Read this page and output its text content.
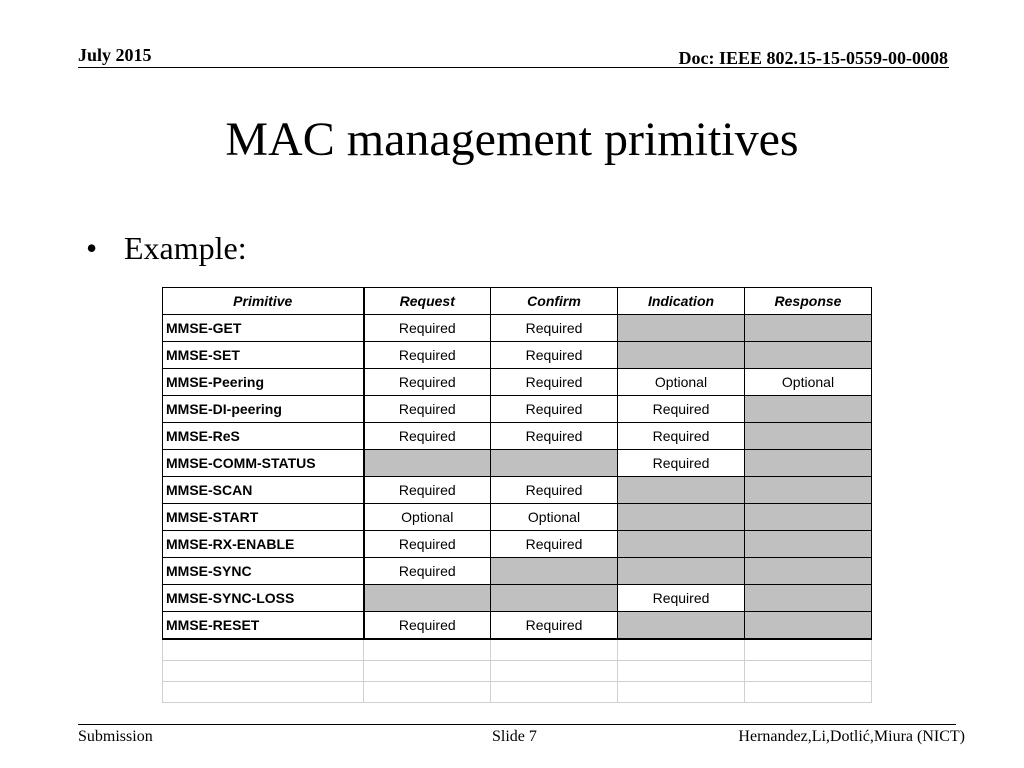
July 2015	Doc: IEEE 802.15-15-0559-00-0008
MAC management primitives
• Example:
Primitive	Request	Confirm	Indication	Response
MMSE-GET	Required	Required		
MMSE-SET	Required	Required		
MMSE-Peering	Required	Required	Optional	Optional
MMSE-DI-peering	Required	Required	Required	
MMSE-ReS	Required	Required	Required	
MMSE-COMM-STATUS			Required	
MMSE-SCAN	Required	Required		
MMSE-START	Optional	Optional		
MMSE-RX-ENABLE	Required	Required		
MMSE-SYNC	Required			
MMSE-SYNC-LOSS			Required	
MMSE-RESET	Required	Required		

Submission	Slide 7	Hernandez,Li,Dotlić,Miura (NICT)
